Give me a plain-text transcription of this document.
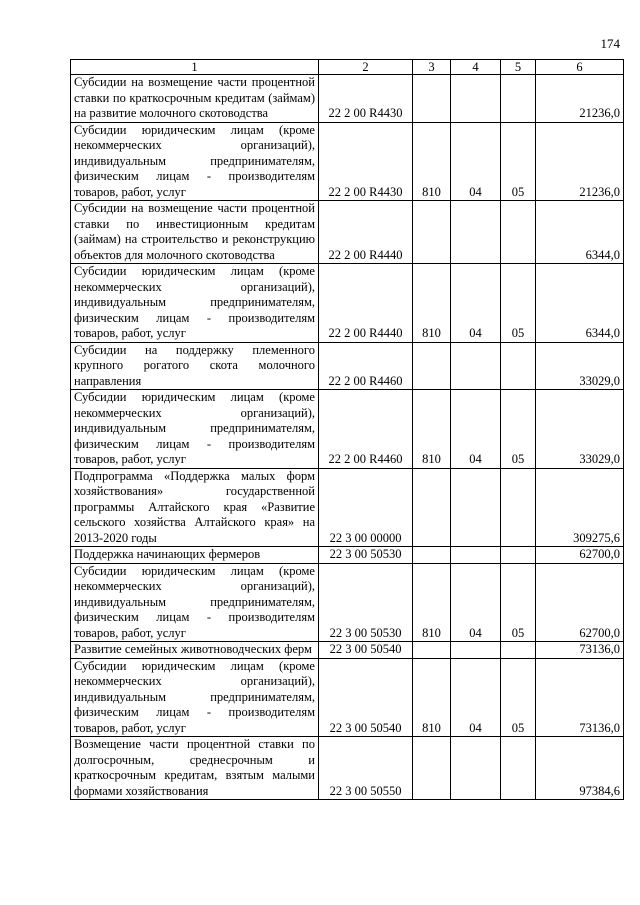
174
1	2	3	4	5	6
Субсидии на возмещение части процентной ставки по краткосрочным кредитам (займам) на развитие молочного скотоводства	22 2 00 R4430				21236,0
Субсидии юридическим лицам (кроме некоммерческих организаций), индивидуальным предпринимателям, физическим лицам - производителям товаров, работ, услуг	22 2 00 R4430	810	04	05	21236,0
Субсидии на возмещение части процентной ставки по инвестиционным кредитам (займам) на строительство и реконструкцию объектов для молочного скотоводства	22 2 00 R4440				6344,0
Субсидии юридическим лицам (кроме некоммерческих организаций), индивидуальным предпринимателям, физическим лицам - производителям товаров, работ, услуг	22 2 00 R4440	810	04	05	6344,0
Субсидии на поддержку племенного крупного рогатого скота молочного направления	22 2 00 R4460				33029,0
Субсидии юридическим лицам (кроме некоммерческих организаций), индивидуальным предпринимателям, физическим лицам - производителям товаров, работ, услуг	22 2 00 R4460	810	04	05	33029,0
Подпрограмма «Поддержка малых форм хозяйствования» государственной программы Алтайского края «Развитие сельского хозяйства Алтайского края» на 2013-2020 годы	22 3 00 00000				309275,6
Поддержка начинающих фермеров	22 3 00 50530				62700,0
Субсидии юридическим лицам (кроме некоммерческих организаций), индивидуальным предпринимателям, физическим лицам - производителям товаров, работ, услуг	22 3 00 50530	810	04	05	62700,0
Развитие семейных животноводческих ферм	22 3 00 50540				73136,0
Субсидии юридическим лицам (кроме некоммерческих организаций), индивидуальным предпринимателям, физическим лицам - производителям товаров, работ, услуг	22 3 00 50540	810	04	05	73136,0
Возмещение части процентной ставки по долгосрочным, среднесрочным и краткосрочным кредитам, взятым малыми формами хозяйствования	22 3 00 50550				97384,6
